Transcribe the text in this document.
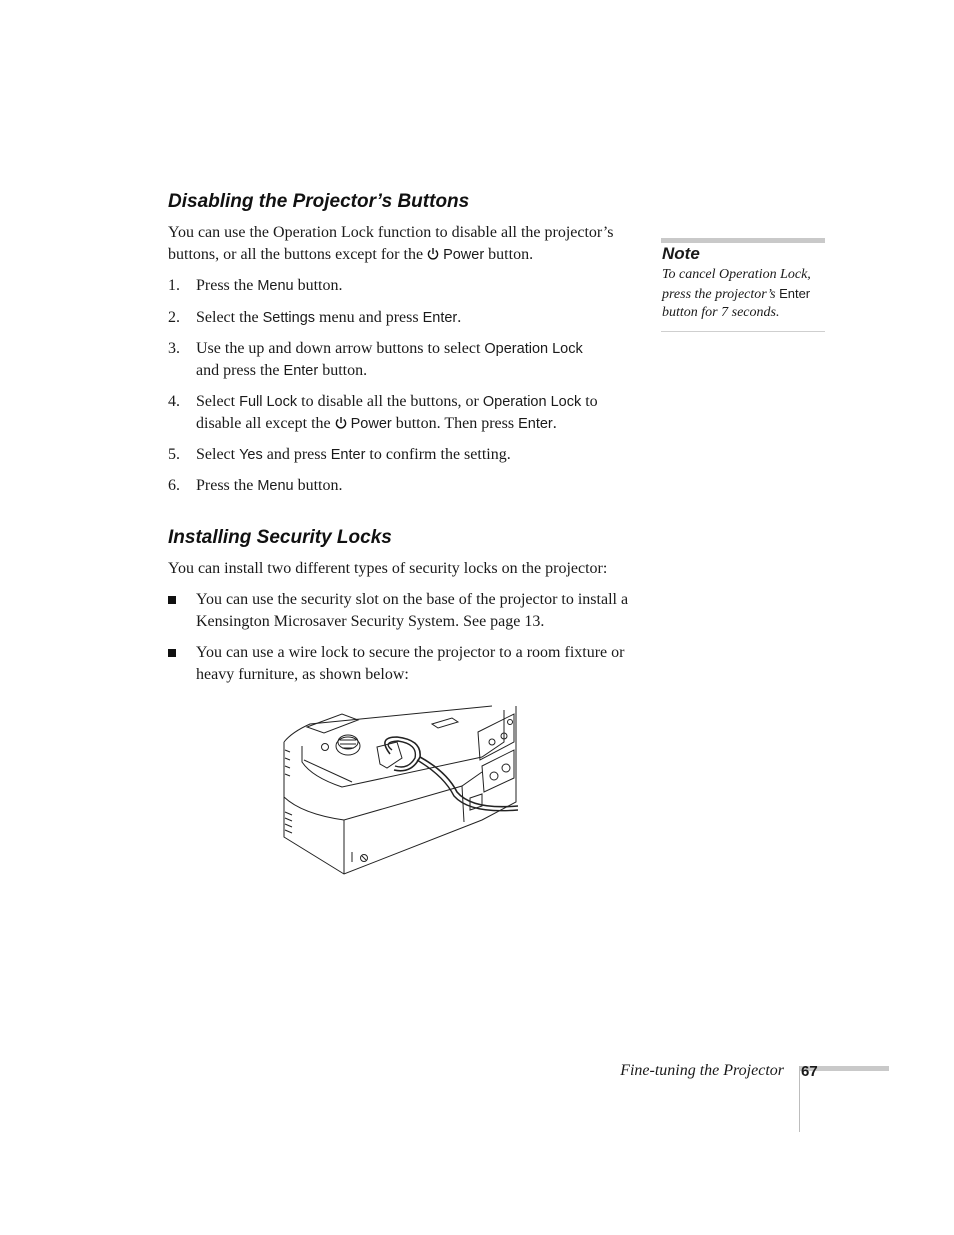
Disabling the Projector’s Buttons

You can use the Operation Lock function to disable all the projector’s
buttons, or all the buttons except for the Power button.

1. Press the Menu button.
2. Select the Settings menu and press Enter.
3. Use the up and down arrow buttons to select Operation Lock
and press the Enter button.
4. Select Full Lock to disable all the buttons, or Operation Lock to disable all except the Power button. Then press Enter.
5. Select Yes and press Enter to confirm the setting.
6. Press the Menu button.
Installing Security Locks

You can install two different types of security locks on the projector:

You can use the security slot on the base of the projector to install a Kensington Microsaver Security System. See page 13.
You can use a wire lock to secure the projector to a room fixture or heavy furniture, as shown below:
Note

To cancel Operation Lock, press the projector’s Enter button for 7 seconds.

Fine-tuning the Projector 67
